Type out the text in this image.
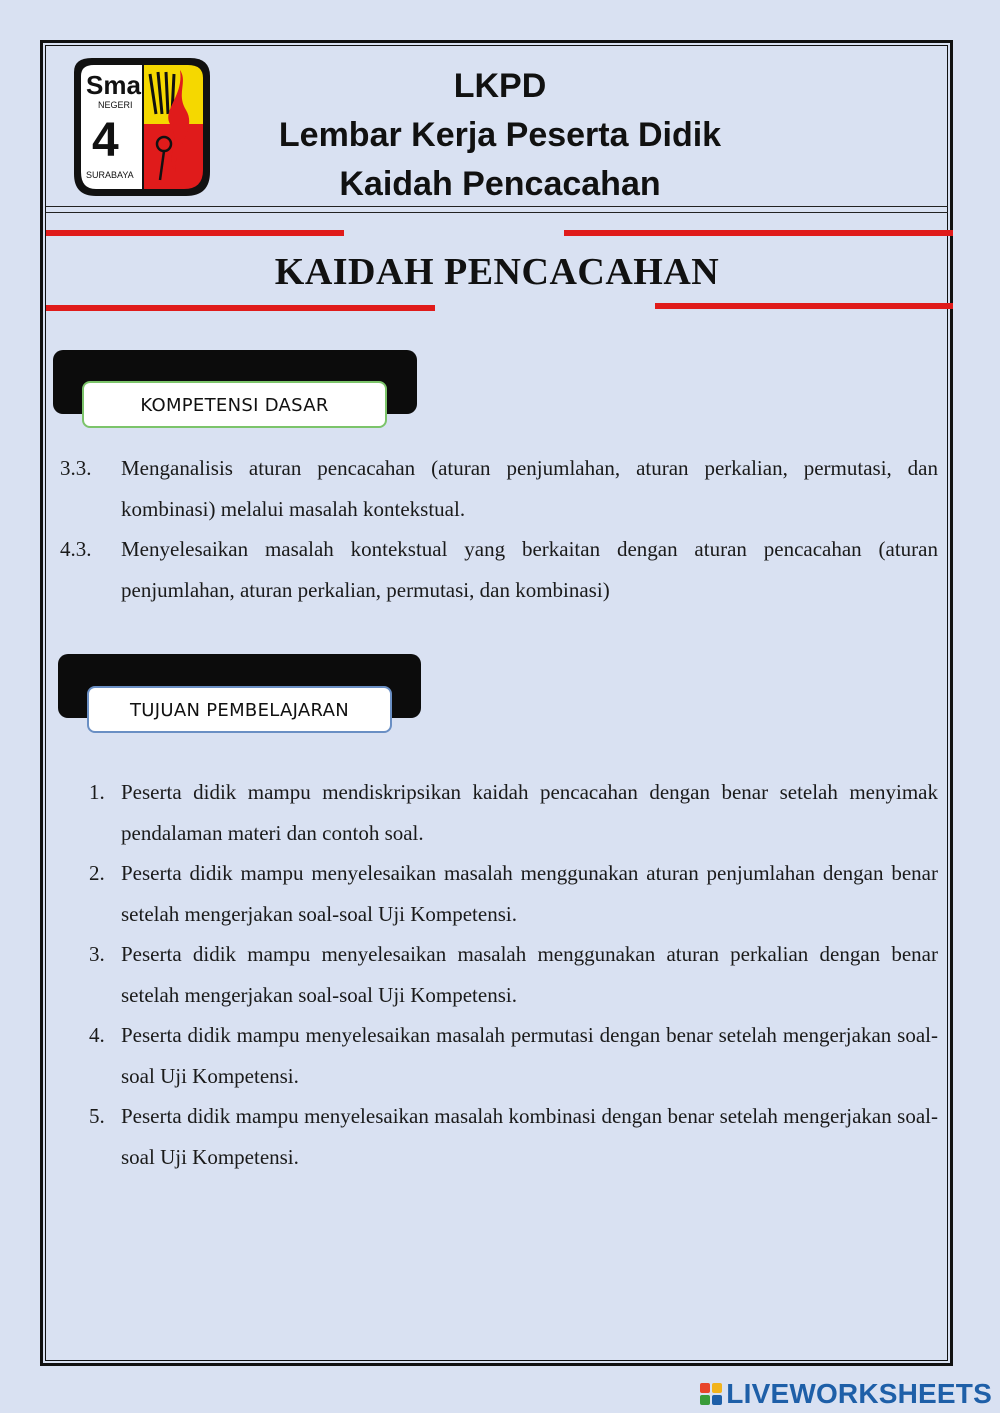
Sma
NEGERI
4
SURABAYA
LKPD
Lembar Kerja Peserta Didik
Kaidah Pencacahan
KAIDAH PENCACAHAN
KOMPETENSI DASAR
3.3.	Menganalisis aturan pencacahan (aturan penjumlahan, aturan perkalian, permutasi, dan kombinasi) melalui masalah kontekstual.
4.3.	Menyelesaikan masalah kontekstual yang berkaitan dengan aturan pencacahan (aturan penjumlahan, aturan perkalian, permutasi, dan kombinasi)
TUJUAN PEMBELAJARAN
1. Peserta didik mampu mendiskripsikan kaidah pencacahan dengan benar setelah menyimak pendalaman materi dan contoh soal.
2. Peserta didik mampu menyelesaikan masalah menggunakan aturan penjumlahan dengan benar setelah mengerjakan soal-soal Uji Kompetensi.
3. Peserta didik mampu menyelesaikan masalah menggunakan aturan perkalian dengan benar setelah mengerjakan soal-soal Uji Kompetensi.
4. Peserta didik mampu menyelesaikan masalah permutasi dengan benar setelah mengerjakan soal-soal Uji Kompetensi.
5. Peserta didik mampu menyelesaikan masalah kombinasi dengan benar setelah mengerjakan soal-soal Uji Kompetensi.
LIVEWORKSHEETS
